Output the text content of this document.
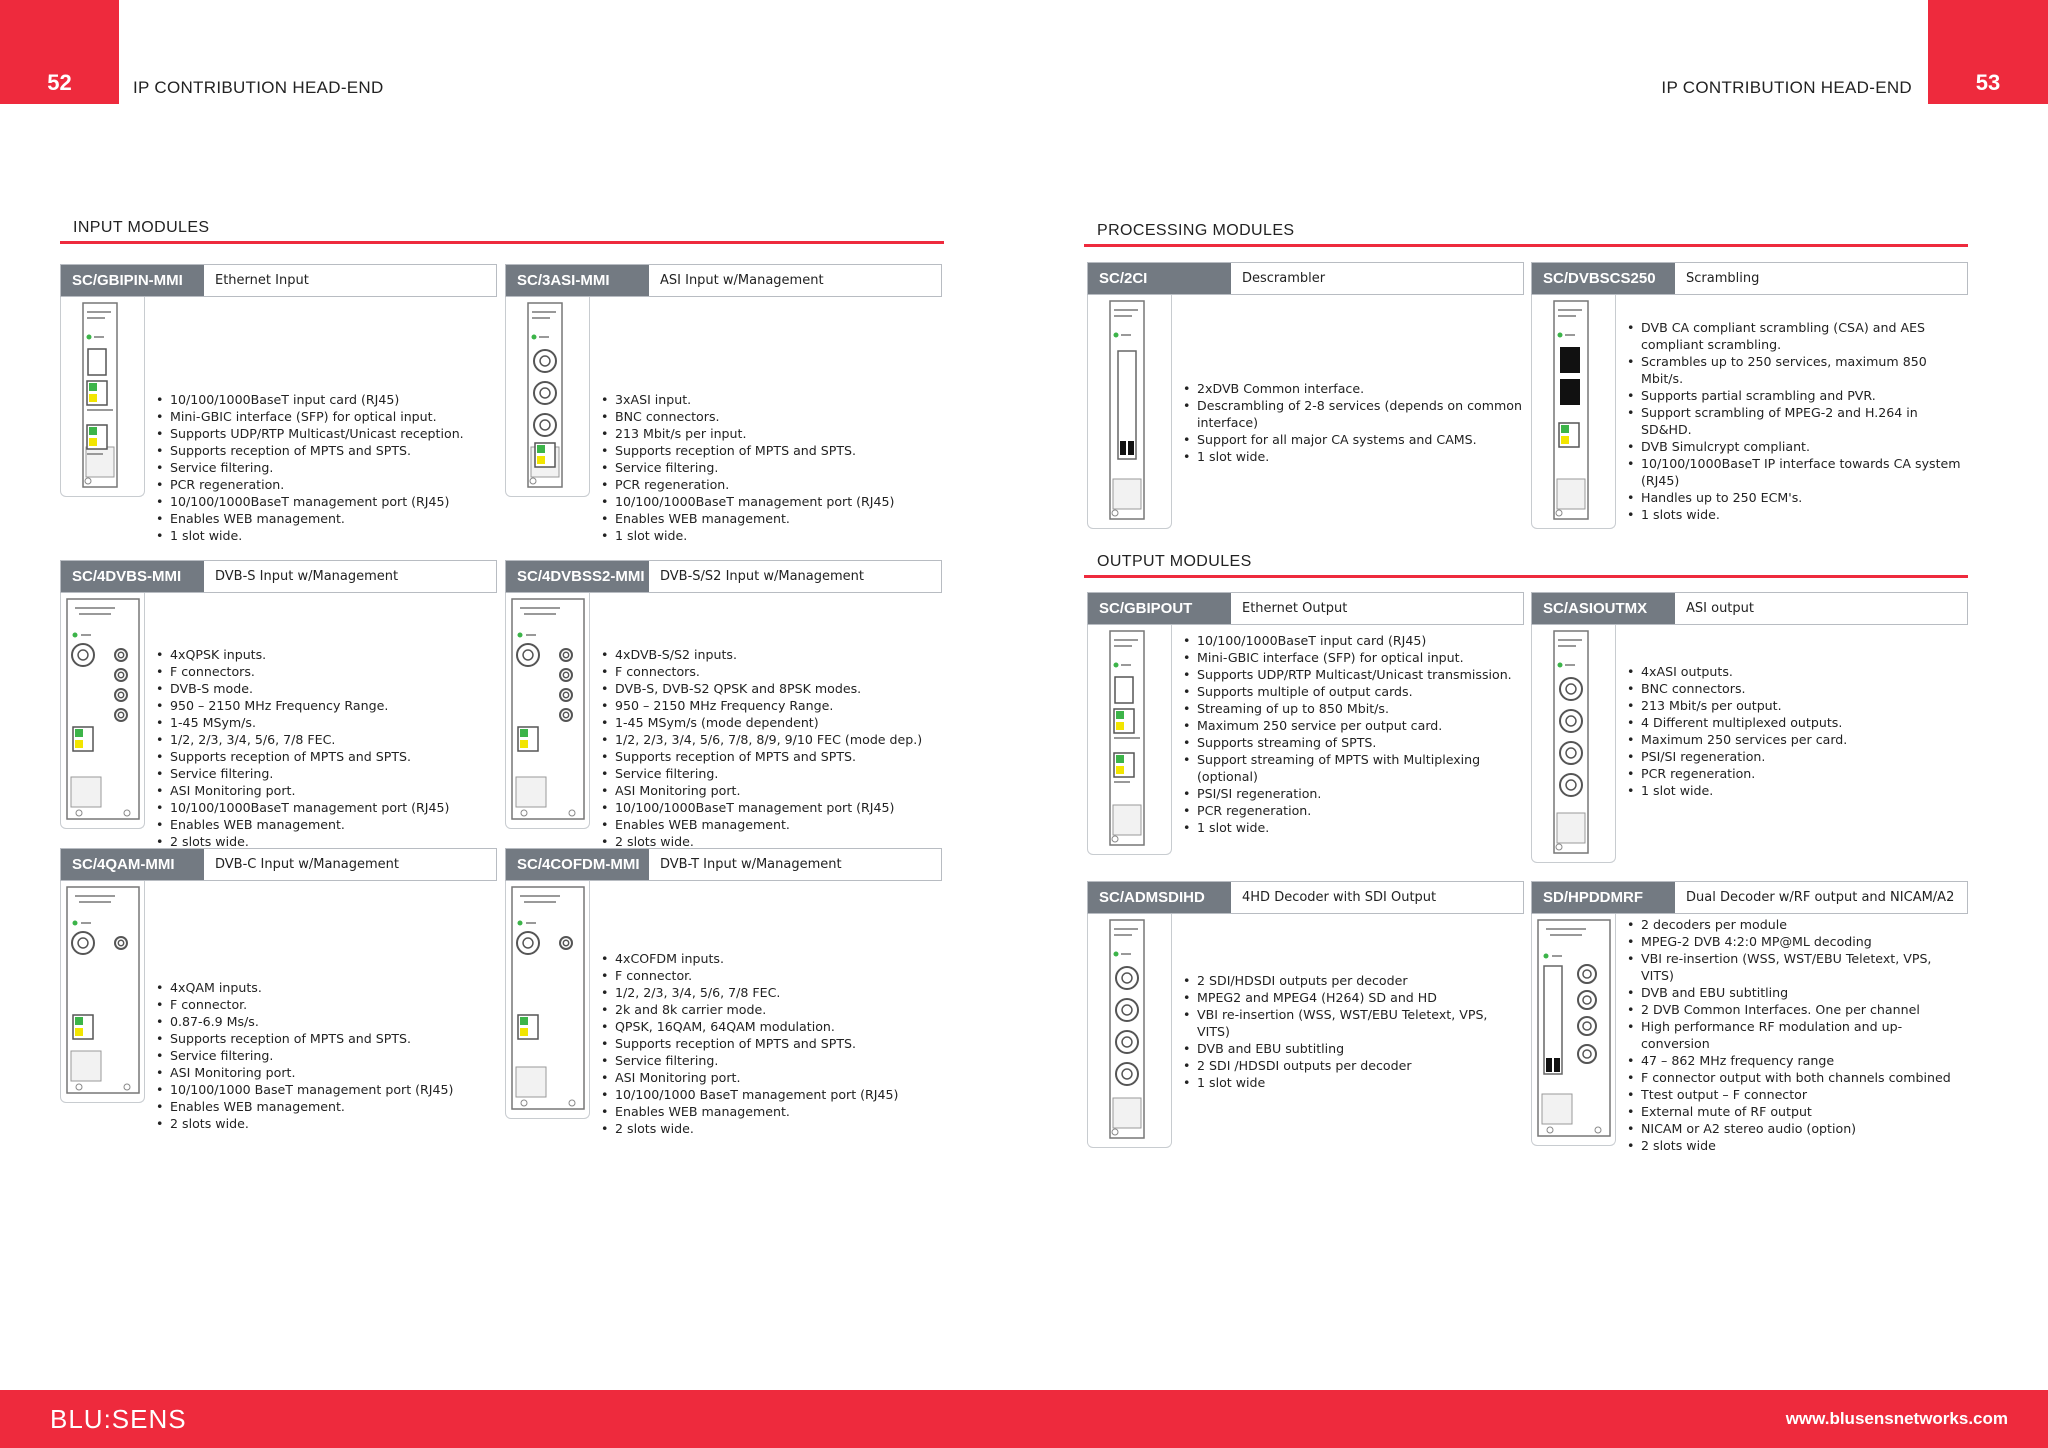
52	IP CONTRIBUTION HEAD-END	IP CONTRIBUTION HEAD-END	53
INPUT MODULES	PROCESSING MODULES
OUTPUT MODULES
SC/GBIPIN-MMI	Ethernet Input
• 10/100/1000BaseT input card (RJ45)
• Mini-GBIC interface (SFP) for optical input.
• Supports UDP/RTP Multicast/Unicast reception.
• Supports reception of MPTS and SPTS.
• Service filtering.
• PCR regeneration.
• 10/100/1000BaseT management port (RJ45)
• Enables WEB management.
• 1 slot wide.
SC/3ASI-MMI	ASI Input w/Management
• 3xASI input.
• BNC connectors.
• 213 Mbit/s per input.
• Supports reception of MPTS and SPTS.
• Service filtering.
• PCR regeneration.
• 10/100/1000BaseT management port (RJ45)
• Enables WEB management.
• 1 slot wide.
SC/4DVBS-MMI	DVB-S Input w/Management
• 4xQPSK inputs.
• F connectors.
• DVB-S mode.
• 950 – 2150 MHz Frequency Range.
• 1-45 MSym/s.
• 1/2, 2/3, 3/4, 5/6, 7/8 FEC.
• Supports reception of MPTS and SPTS.
• Service filtering.
• ASI Monitoring port.
• 10/100/1000BaseT management port (RJ45)
• Enables WEB management.
• 2 slots wide.
SC/4DVBSS2-MMI	DVB-S/S2 Input w/Management
• 4xDVB-S/S2 inputs.
• F connectors.
• DVB-S, DVB-S2 QPSK and 8PSK modes.
• 950 – 2150 MHz Frequency Range.
• 1-45 MSym/s (mode dependent)
• 1/2, 2/3, 3/4, 5/6, 7/8, 8/9, 9/10 FEC (mode dep.)
• Supports reception of MPTS and SPTS.
• Service filtering.
• ASI Monitoring port.
• 10/100/1000BaseT management port (RJ45)
• Enables WEB management.
• 2 slots wide.
SC/4QAM-MMI	DVB-C Input w/Management
• 4xQAM inputs.
• F connector.
• 0.87-6.9 Ms/s.
• Supports reception of MPTS and SPTS.
• Service filtering.
• ASI Monitoring port.
• 10/100/1000 BaseT management port (RJ45)
• Enables WEB management.
• 2 slots wide.
SC/4COFDM-MMI	DVB-T Input w/Management
• 4xCOFDM inputs.
• F connector.
• 1/2, 2/3, 3/4, 5/6, 7/8 FEC.
• 2k and 8k carrier mode.
• QPSK, 16QAM, 64QAM modulation.
• Supports reception of MPTS and SPTS.
• Service filtering.
• ASI Monitoring port.
• 10/100/1000 BaseT management port (RJ45)
• Enables WEB management.
• 2 slots wide.
SC/2CI	Descrambler
• 2xDVB Common interface.
• Descrambling of 2-8 services (depends on common interface)
• Support for all major CA systems and CAMS.
• 1 slot wide.
SC/DVBSCS250	Scrambling
• DVB CA compliant scrambling (CSA) and AES compliant scrambling.
• Scrambles up to 250 services, maximum 850 Mbit/s.
• Supports partial scrambling and PVR.
• Support scrambling of MPEG-2 and H.264 in SD&HD.
• DVB Simulcrypt compliant.
• 10/100/1000BaseT IP interface towards CA system (RJ45)
• Handles up to 250 ECM's.
• 1 slots wide.
SC/GBIPOUT	Ethernet Output
• 10/100/1000BaseT input card (RJ45)
• Mini-GBIC interface (SFP) for optical input.
• Supports UDP/RTP Multicast/Unicast transmission.
• Supports multiple of output cards.
• Streaming of up to 850 Mbit/s.
• Maximum 250 service per output card.
• Supports streaming of SPTS.
• Support streaming of MPTS with Multiplexing (optional)
• PSI/SI regeneration.
• PCR regeneration.
• 1 slot wide.
SC/ASIOUTMX	ASI output
• 4xASI outputs.
• BNC connectors.
• 213 Mbit/s per output.
• 4 Different multiplexed outputs.
• Maximum 250 services per card.
• PSI/SI regeneration.
• PCR regeneration.
• 1 slot wide.
SC/ADMSDIHD	4HD Decoder with SDI Output
• 2 SDI/HDSDI outputs per decoder
• MPEG2 and MPEG4 (H264) SD and HD
• VBI re-insertion (WSS, WST/EBU Teletext, VPS, VITS)
• DVB and EBU subtitling
• 2 SDI /HDSDI outputs per decoder
• 1 slot wide
SD/HPDDMRF	Dual Decoder w/RF output and NICAM/A2
• 2 decoders per module
• MPEG-2 DVB 4:2:0 MP@ML decoding
• VBI re-insertion (WSS, WST/EBU Teletext, VPS, VITS)
• DVB and EBU subtitling
• 2 DVB Common Interfaces. One per channel
• High performance RF modulation and up-conversion
• 47 – 862 MHz frequency range
• F connector output with both channels combined
• Ttest output – F connector
• External mute of RF output
• NICAM or A2 stereo audio (option)
• 2 slots wide
BLU:SENS	www.blusensnetworks.com
